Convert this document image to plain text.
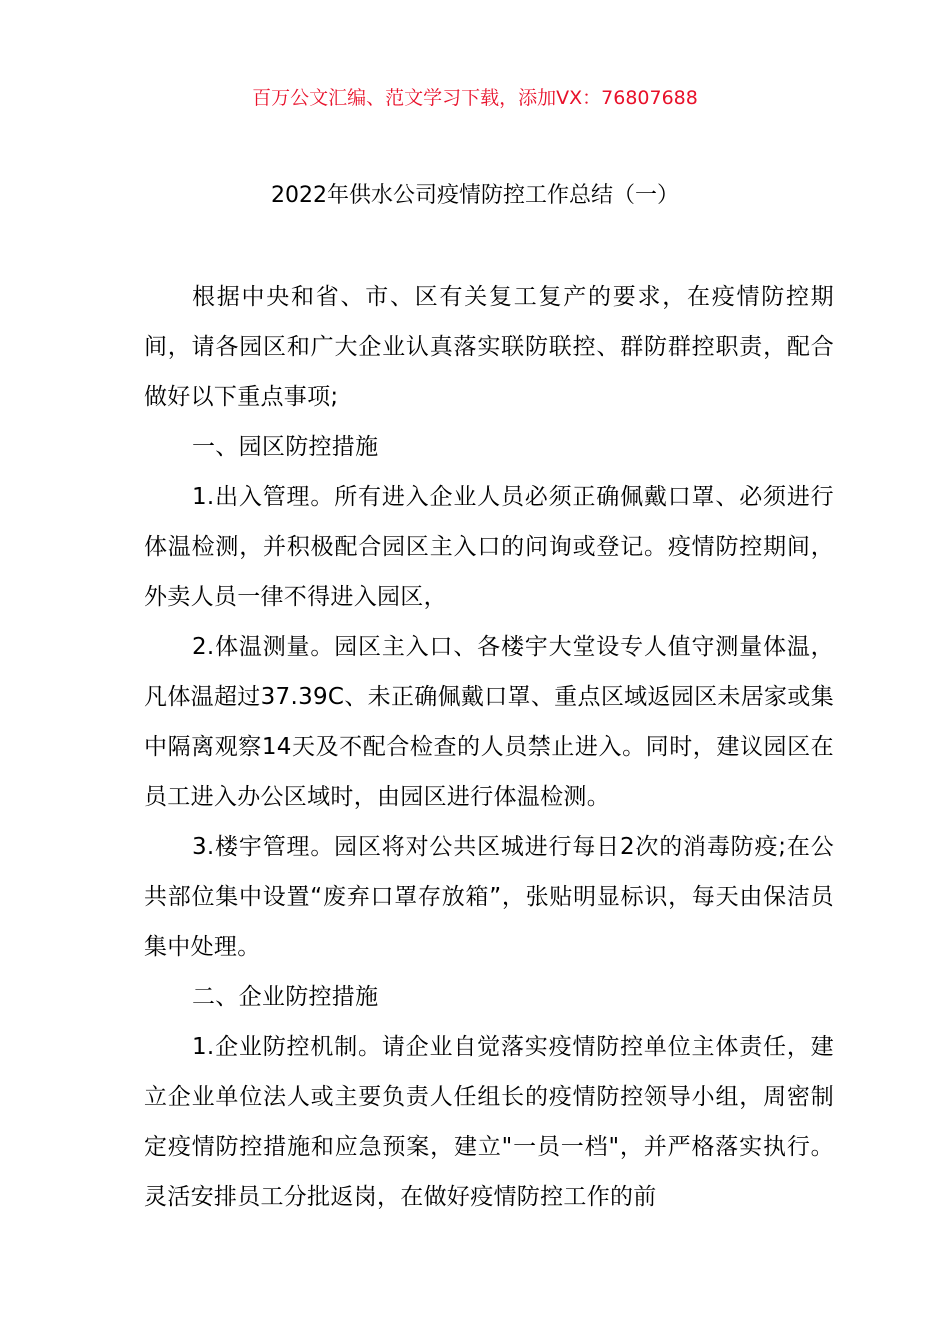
百万公文汇编、范文学习下载，添加VX：76807688
2022年供水公司疫情防控工作总结（一）

根据中央和省、市、区有关复工复产的要求，在疫情防控期间，请各园区和广大企业认真落实联防联控、群防群控职责，配合做好以下重点事项;

一、园区防控措施

1.出入管理。所有进入企业人员必须正确佩戴口罩、必须进行体温检测，并积极配合园区主入口的问询或登记。疫情防控期间，外卖人员一律不得进入园区，

2.体温测量。园区主入口、各楼宇大堂设专人值守测量体温，凡体温超过37.39C、未正确佩戴口罩、重点区域返园区未居家或集中隔离观察14天及不配合检查的人员禁止进入。同时，建议园区在员工进入办公区域时，由园区进行体温检测。

3.楼宇管理。园区将对公共区城进行每日2次的消毒防疫;在公共部位集中设置“废弃口罩存放箱”，张贴明显标识，每天由保洁员集中处理。

二、企业防控措施

1.企业防控机制。请企业自觉落实疫情防控单位主体责任，建立企业单位法人或主要负责人任组长的疫情防控领导小组，周密制定疫情防控措施和应急预案，建立"一员一档"，并严格落实执行。灵活安排员工分批返岗，在做好疫情防控工作的前
